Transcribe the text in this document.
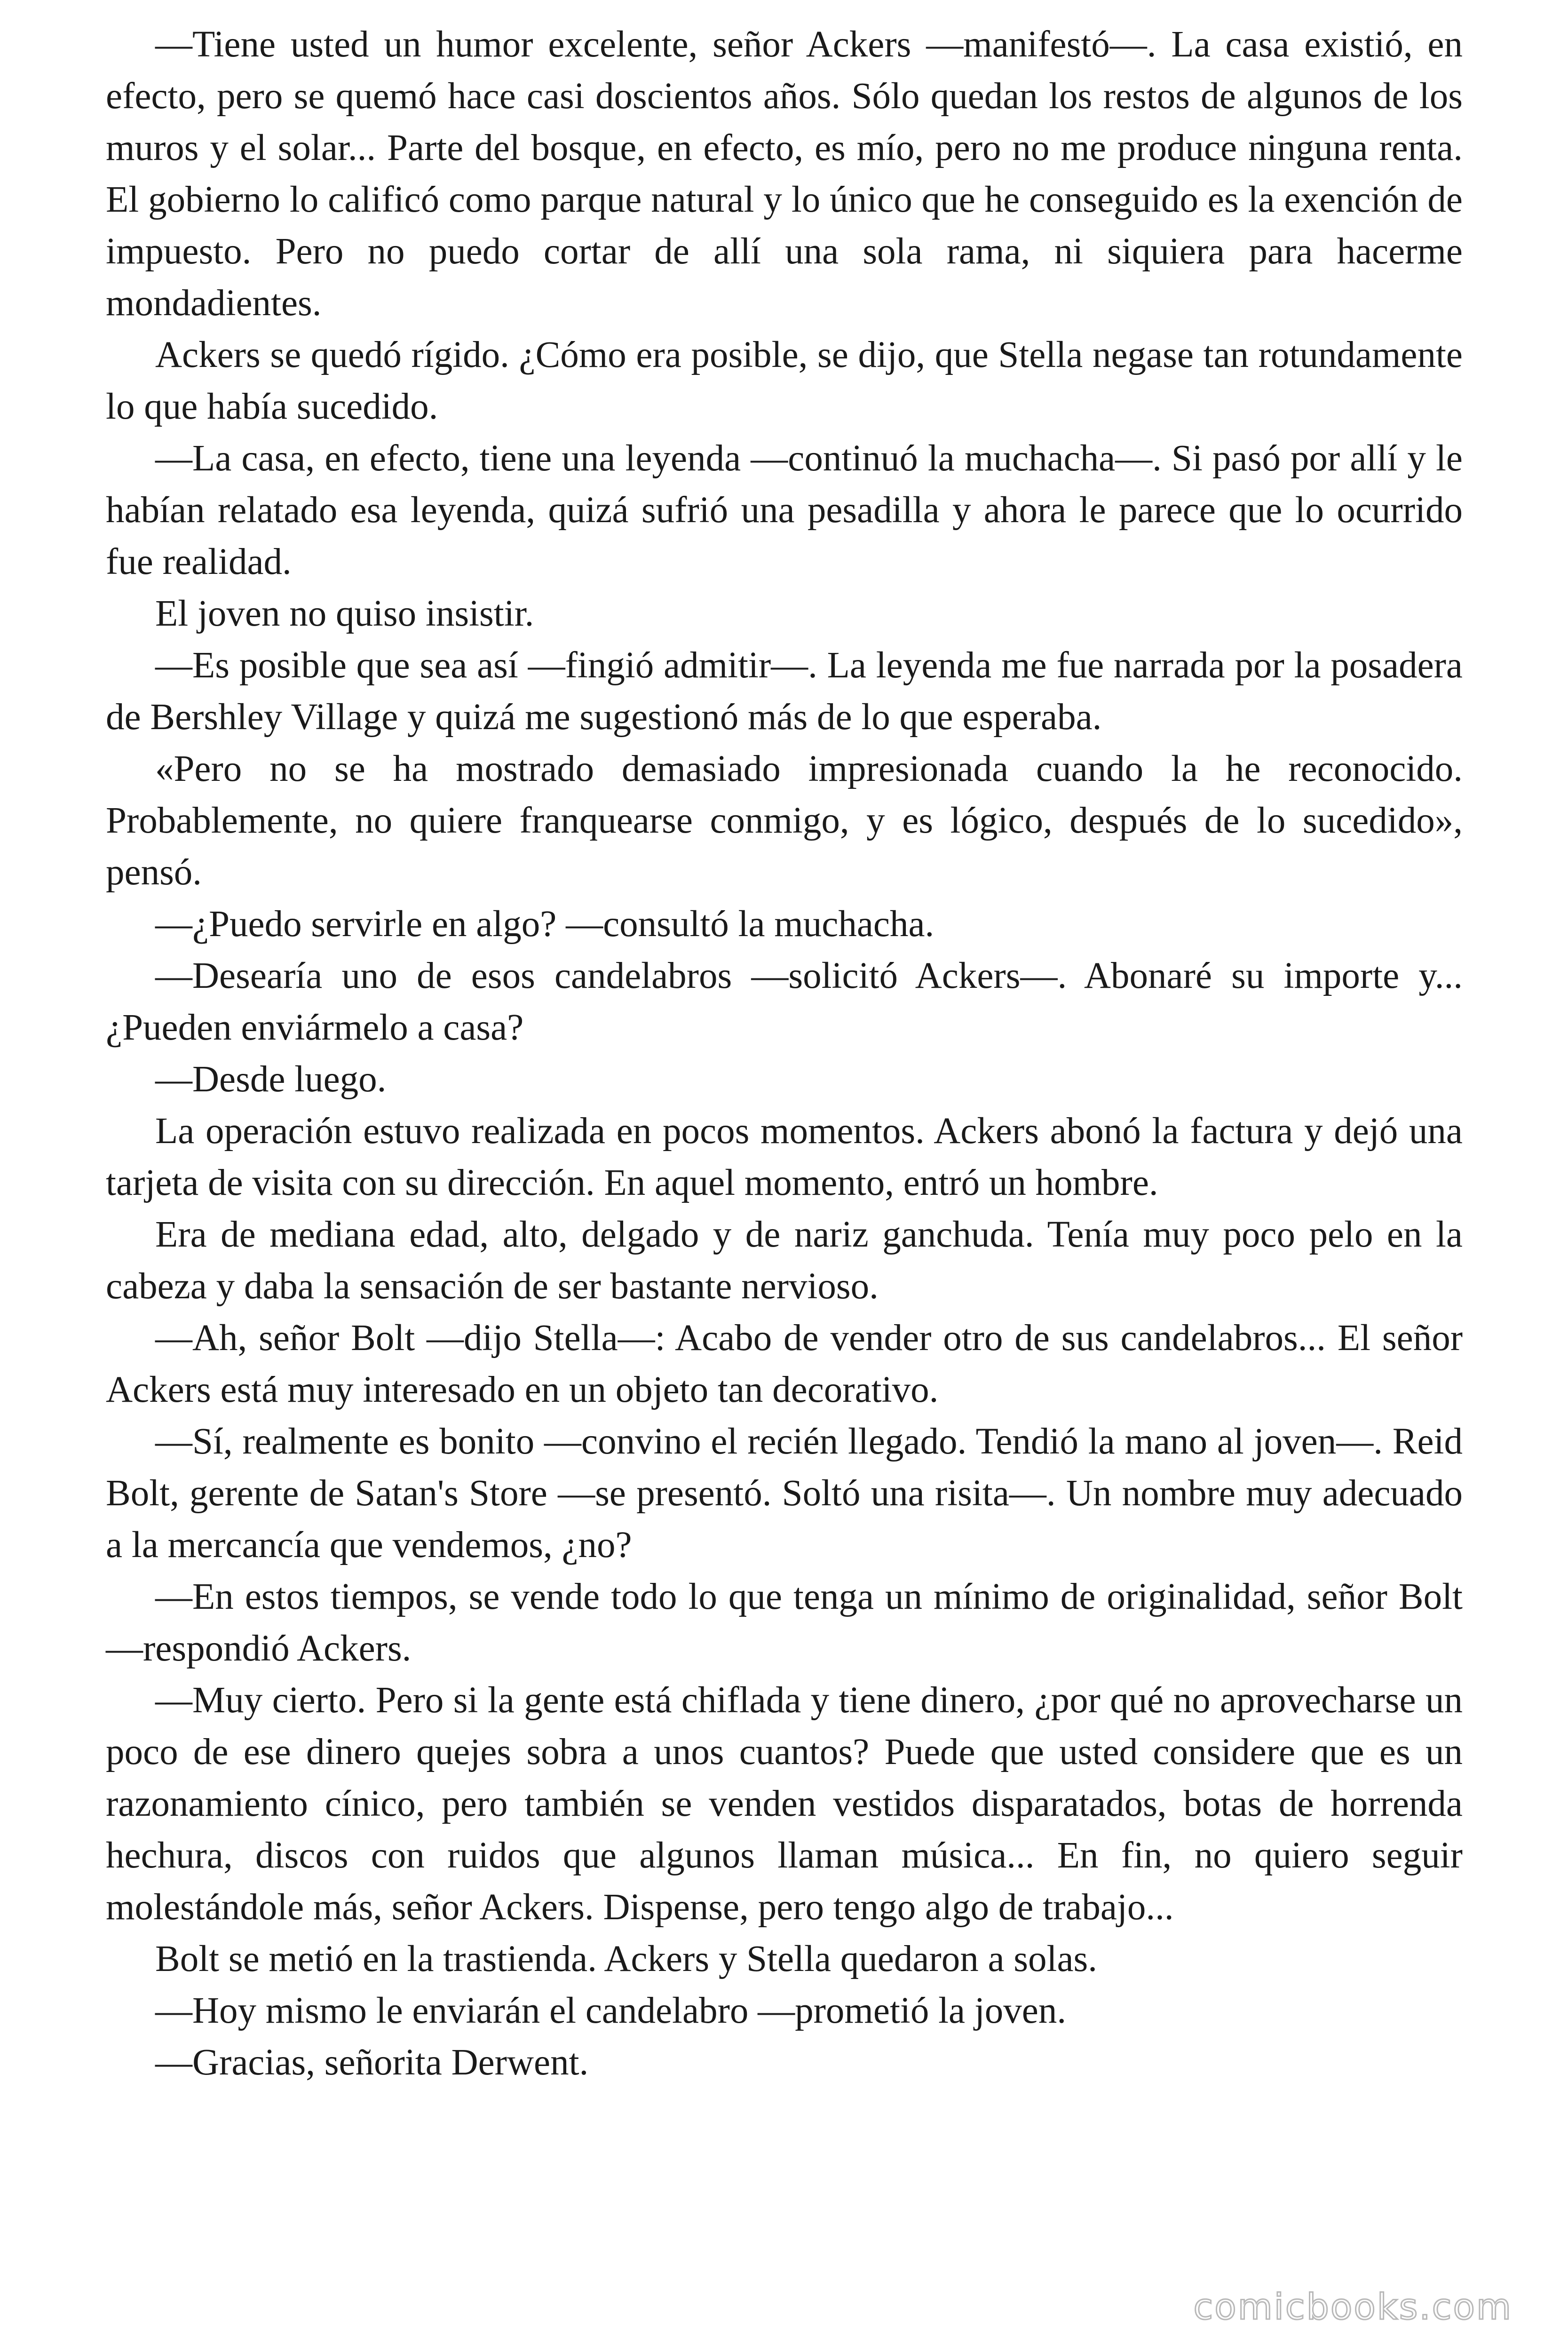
—Tiene usted un humor excelente, señor Ackers —manifestó—. La casa existió, en efecto, pero se quemó hace casi doscientos años. Sólo quedan los restos de algunos de los muros y el solar... Parte del bosque, en efecto, es mío, pero no me produce ninguna renta. El gobierno lo calificó como parque natural y lo único que he conseguido es la exención de impuesto. Pero no puedo cortar de allí una sola rama, ni siquiera para hacerme mondadientes.

Ackers se quedó rígido. ¿Cómo era posible, se dijo, que Stella negase tan rotundamente lo que había sucedido.

—La casa, en efecto, tiene una leyenda —continuó la muchacha—. Si pasó por allí y le habían relatado esa leyenda, quizá sufrió una pesadilla y ahora le parece que lo ocurrido fue realidad.

El joven no quiso insistir.

—Es posible que sea así —fingió admitir—. La leyenda me fue narrada por la posadera de Bershley Village y quizá me sugestionó más de lo que esperaba.

«Pero no se ha mostrado demasiado impresionada cuando la he reconocido. Probablemente, no quiere franquearse conmigo, y es lógico, después de lo sucedido», pensó.

—¿Puedo servirle en algo? —consultó la muchacha.

—Desearía uno de esos candelabros —solicitó Ackers—. Abonaré su importe y... ¿Pueden enviármelo a casa?

—Desde luego.

La operación estuvo realizada en pocos momentos. Ackers abonó la factura y dejó una tarjeta de visita con su dirección. En aquel momento, entró un hombre.

Era de mediana edad, alto, delgado y de nariz ganchuda. Tenía muy poco pelo en la cabeza y daba la sensación de ser bastante nervioso.

—Ah, señor Bolt —dijo Stella—: Acabo de vender otro de sus candelabros... El señor Ackers está muy interesado en un objeto tan decorativo.

—Sí, realmente es bonito —convino el recién llegado. Tendió la mano al joven—. Reid Bolt, gerente de Satan's Store —se presentó. Soltó una risita—. Un nombre muy adecuado a la mercancía que vendemos, ¿no?

—En estos tiempos, se vende todo lo que tenga un mínimo de originalidad, señor Bolt —respondió Ackers.

—Muy cierto. Pero si la gente está chiflada y tiene dinero, ¿por qué no aprovecharse un poco de ese dinero quejes sobra a unos cuantos? Puede que usted considere que es un razonamiento cínico, pero también se venden vestidos disparatados, botas de horrenda hechura, discos con ruidos que algunos llaman música... En fin, no quiero seguir molestándole más, señor Ackers. Dispense, pero tengo algo de trabajo...

Bolt se metió en la trastienda. Ackers y Stella quedaron a solas.

—Hoy mismo le enviarán el candelabro —prometió la joven.

—Gracias, señorita Derwent.

comicbooks.com
